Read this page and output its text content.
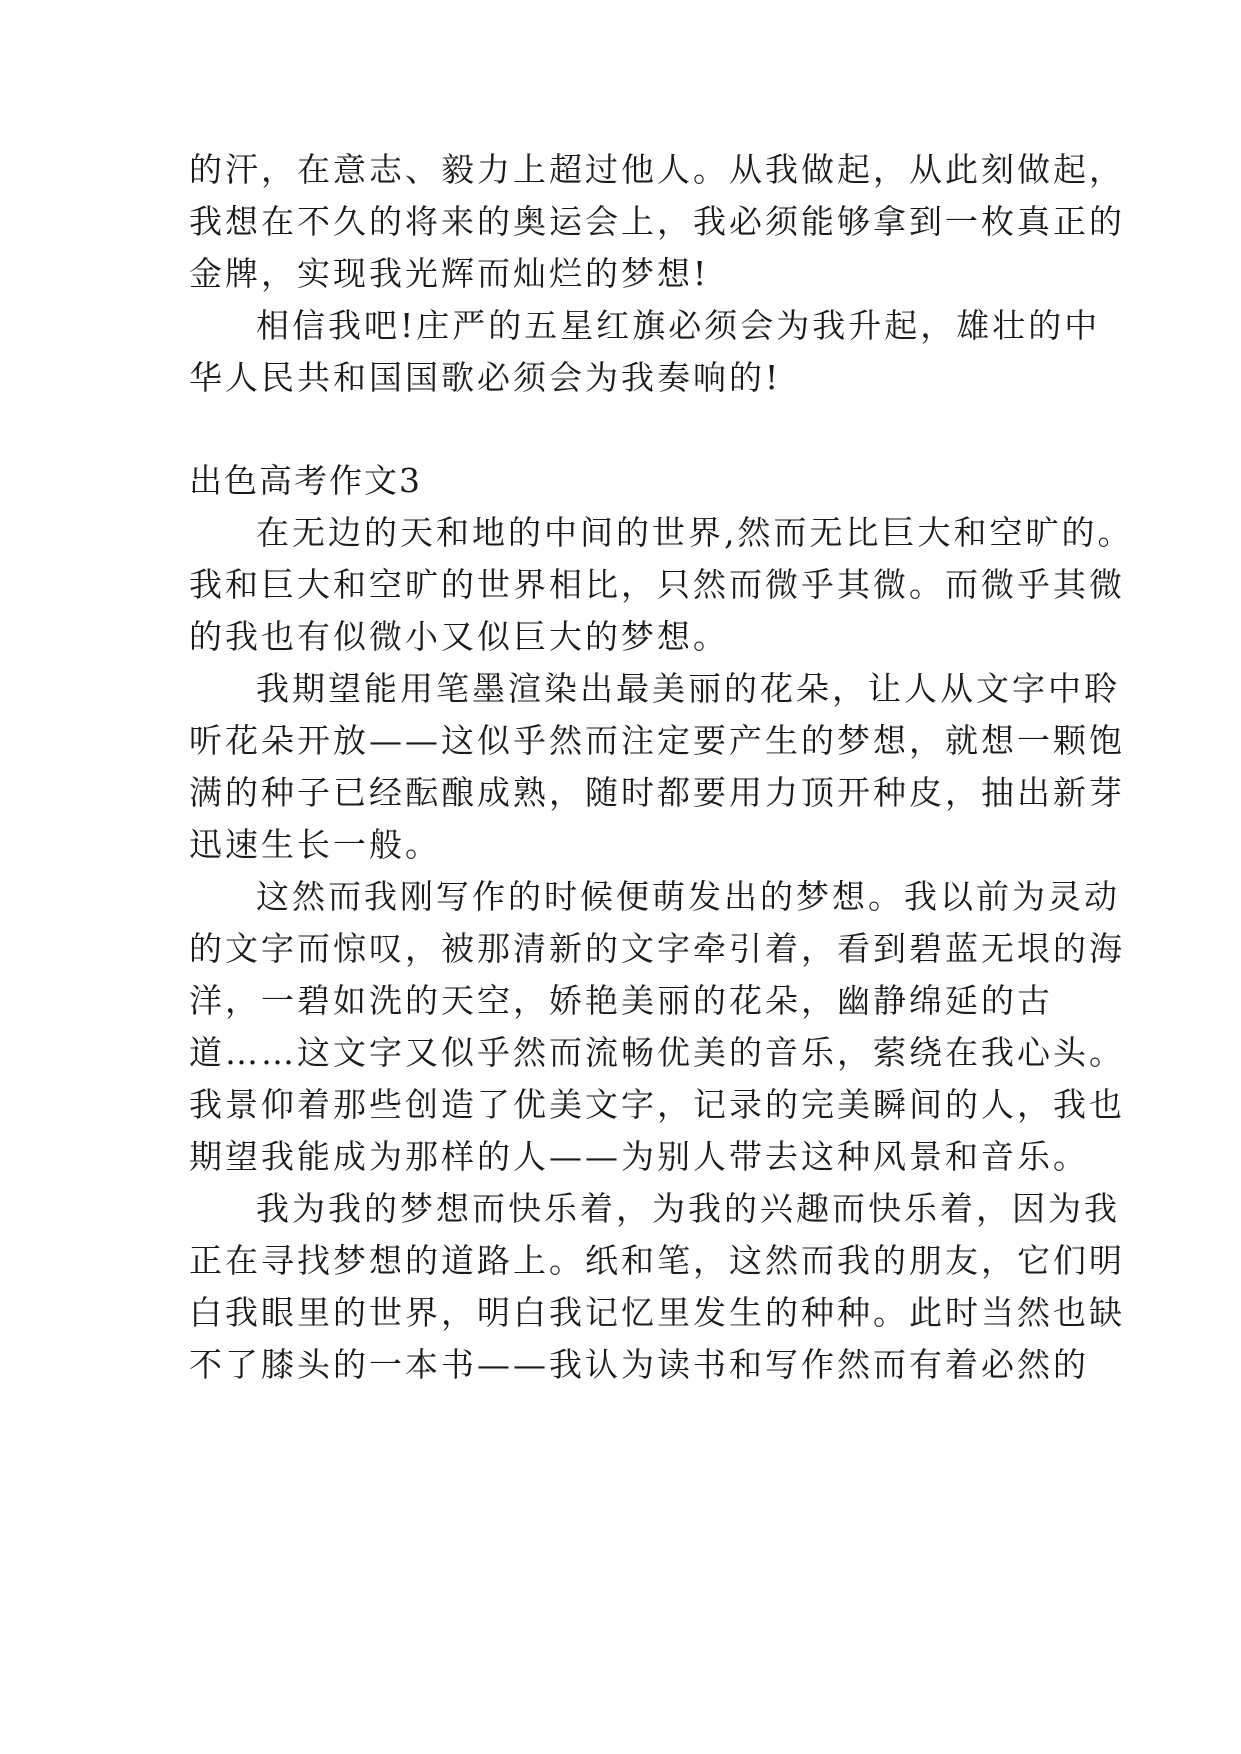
的汗，在意志、毅力上超过他人。从我做起，从此刻做起，
我想在不久的将来的奥运会上，我必须能够拿到一枚真正的
金牌，实现我光辉而灿烂的梦想!
相信我吧!庄严的五星红旗必须会为我升起，雄壮的中
华人民共和国国歌必须会为我奏响的!
出色高考作文3
在无边的天和地的中间的世界,然而无比巨大和空旷的。
我和巨大和空旷的世界相比，只然而微乎其微。而微乎其微
的我也有似微小又似巨大的梦想。
我期望能用笔墨渲染出最美丽的花朵，让人从文字中聆
听花朵开放——这似乎然而注定要产生的梦想，就想一颗饱
满的种子已经酝酿成熟，随时都要用力顶开种皮，抽出新芽
迅速生长一般。
这然而我刚写作的时候便萌发出的梦想。我以前为灵动
的文字而惊叹，被那清新的文字牵引着，看到碧蓝无垠的海
洋，一碧如洗的天空，娇艳美丽的花朵，幽静绵延的古
道……这文字又似乎然而流畅优美的音乐，萦绕在我心头。
我景仰着那些创造了优美文字，记录的完美瞬间的人，我也
期望我能成为那样的人——为别人带去这种风景和音乐。
我为我的梦想而快乐着，为我的兴趣而快乐着，因为我
正在寻找梦想的道路上。纸和笔，这然而我的朋友，它们明
白我眼里的世界，明白我记忆里发生的种种。此时当然也缺
不了膝头的一本书——我认为读书和写作然而有着必然的
